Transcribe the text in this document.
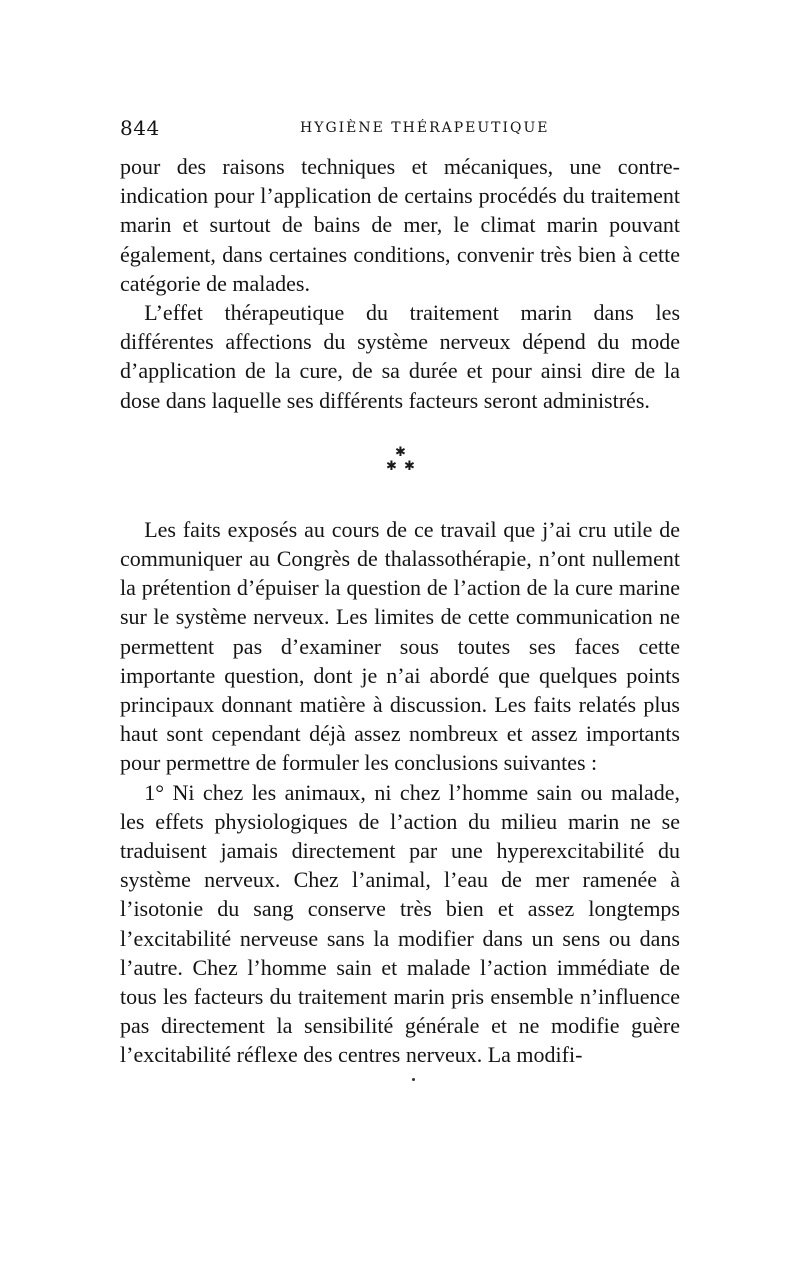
844	HYGIÈNE THÉRAPEUTIQUE

pour des raisons techniques et mécaniques, une contre-indication pour l’application de certains procédés du traitement marin et surtout de bains de mer, le climat marin pouvant également, dans certaines conditions, convenir très bien à cette catégorie de malades.

L’effet thérapeutique du traitement marin dans les différentes affections du système nerveux dépend du mode d’application de la cure, de sa durée et pour ainsi dire de la dose dans laquelle ses différents facteurs seront administrés.

✱
✱ ✱

Les faits exposés au cours de ce travail que j’ai cru utile de communiquer au Congrès de thalassothérapie, n’ont nullement la prétention d’épuiser la question de l’action de la cure marine sur le système nerveux. Les limites de cette communication ne permettent pas d’examiner sous toutes ses faces cette importante question, dont je n’ai abordé que quelques points principaux donnant matière à discussion. Les faits relatés plus haut sont cependant déjà assez nombreux et assez importants pour permettre de formuler les conclusions suivantes :

1° Ni chez les animaux, ni chez l’homme sain ou malade, les effets physiologiques de l’action du milieu marin ne se traduisent jamais directement par une hyperexcitabilité du système nerveux. Chez l’animal, l’eau de mer ramenée à l’isotonie du sang conserve très bien et assez longtemps l’excitabilité nerveuse sans la modifier dans un sens ou dans l’autre. Chez l’homme sain et malade l’action immédiate de tous les facteurs du traitement marin pris ensemble n’influence pas directement la sensibilité générale et ne modifie guère l’excitabilité réflexe des centres nerveux. La modifi-
